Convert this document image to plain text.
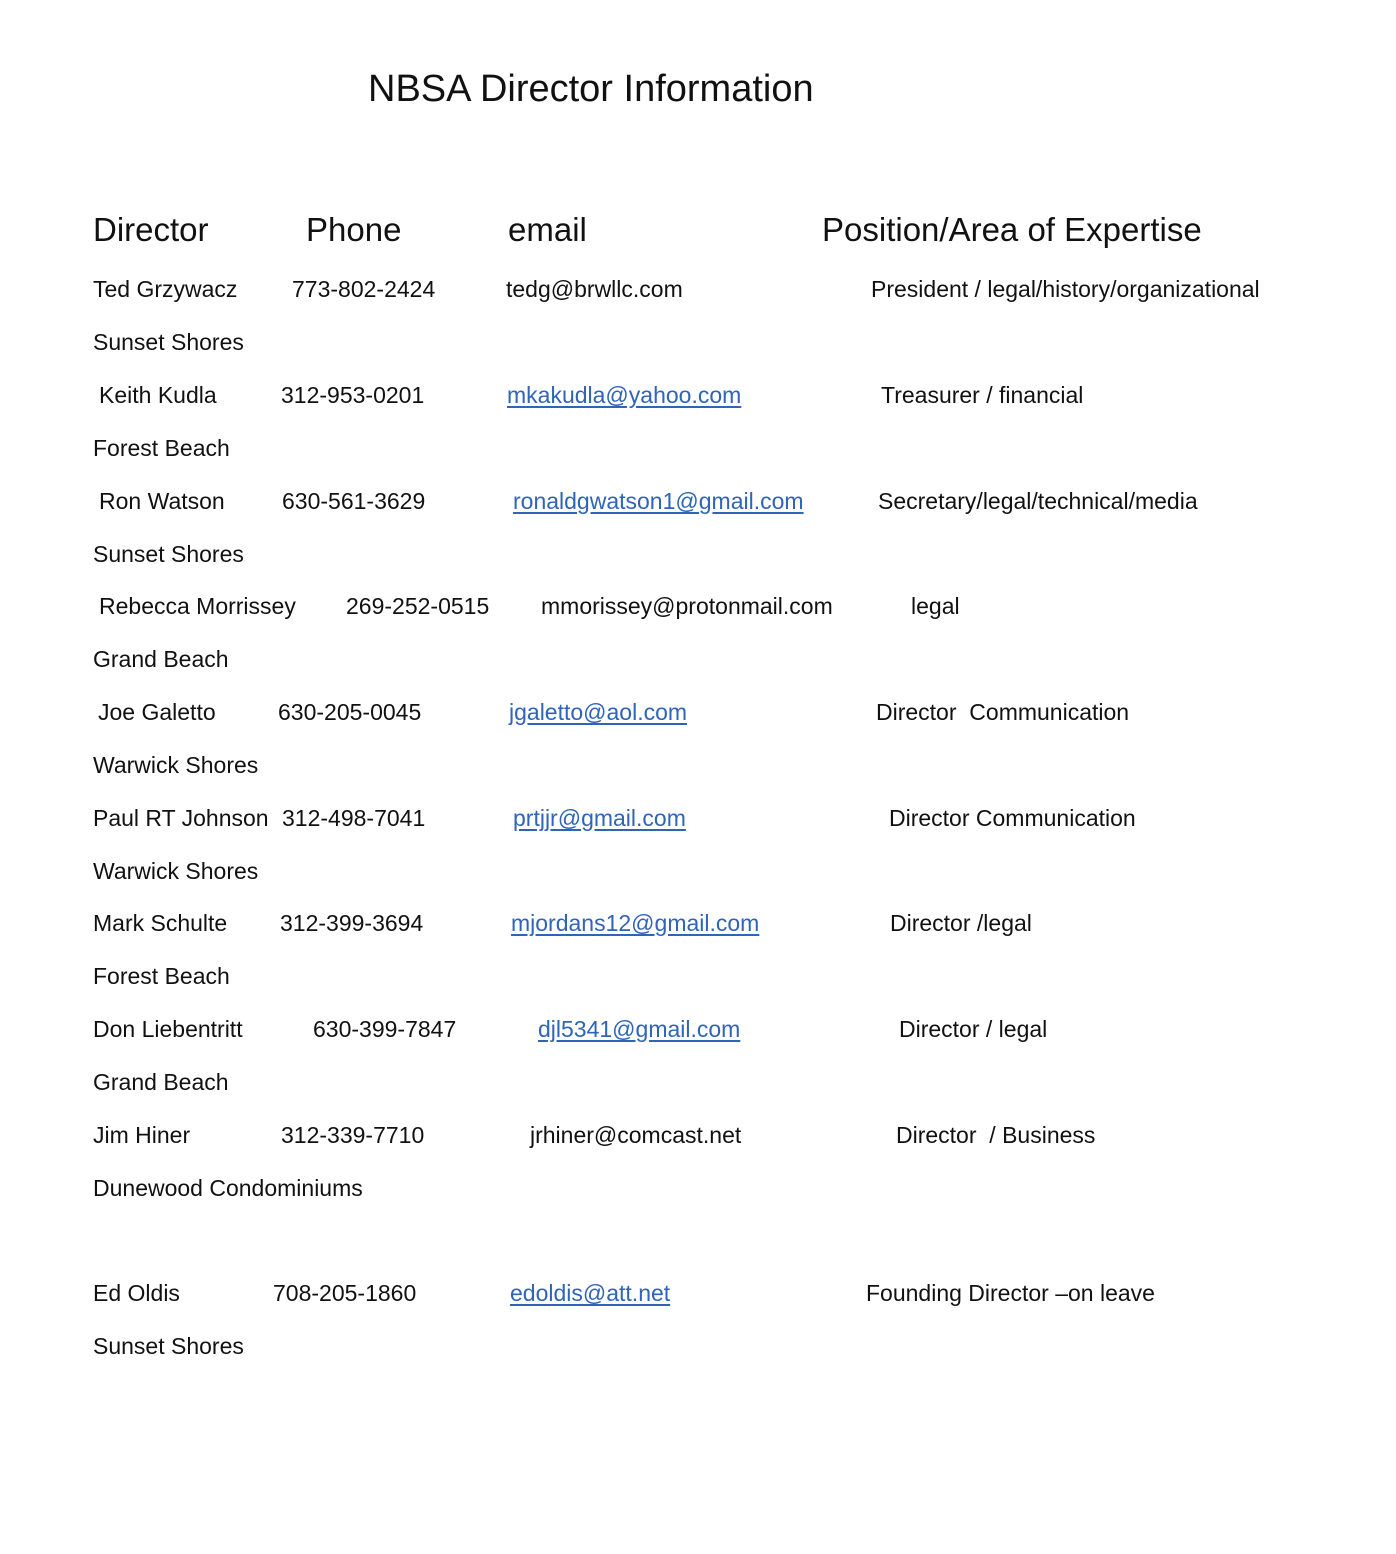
NBSA Director Information
Director	Phone	email	Position/Area of Expertise
Ted Grzywacz 773-802-2424	tedg@brwllc.com	President / legal/history/organizational
Sunset Shores
Keith Kudla	312-953-0201	mkakudla@yahoo.com	Treasurer / financial
Forest Beach
Ron Watson 630-561-3629	ronaldgwatson1@gmail.com	Secretary/legal/technical/media
Sunset Shores
Rebecca Morrissey 269-252-0515 mmorissey@protonmail.com	legal
Grand Beach
Joe Galetto	630-205-0045	jgaletto@aol.com	Director  Communication
Warwick Shores
Paul RT Johnson 312-498-7041	prtjjr@gmail.com	Director Communication
Warwick Shores
Mark Schulte 312-399-3694	mjordans12@gmail.com	Director /legal
Forest Beach
Don Liebentritt	630-399-7847	djl5341@gmail.com	Director / legal
Grand Beach
Jim Hiner	312-339-7710	jrhiner@comcast.net	Director  / Business
Dunewood Condominiums
Ed Oldis	708-205-1860	edoldis@att.net	Founding Director –on leave
Sunset Shores
